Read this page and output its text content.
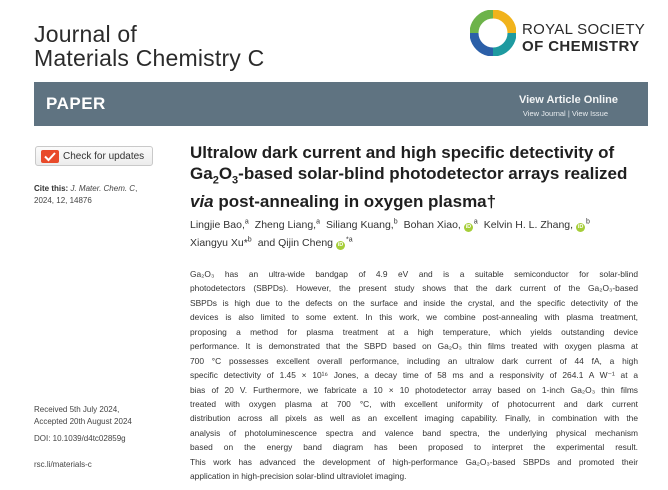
Journal of
Materials Chemistry C
ROYAL SOCIETY
OF CHEMISTRY
PAPER	View Article Online
View Journal | View Issue
Check for updates
Cite this: J. Mater. Chem. C, 2024, 12, 14876
Ultralow dark current and high specific detectivity of $Ga_2O_3$-based solar-blind photodetector arrays realized via post-annealing in oxygen plasma†
Lingjie Bao,$^a$ Zheng Liang,$^a$ Siliang Kuang,$^b$ Bohan Xiao, $iD^a$ Kelvin H. L. Zhang, $iD^b$
Xiangyu Xu*$^b$ and Qijin Cheng $iD^{*a}$
Ga₂O₃ has an ultra-wide bandgap of 4.9 eV and is a suitable semiconductor for solar-blind
photodetectors (SBPDs). However, the present study shows that the dark current of the Ga₂O₃-based
SBPDs is high due to the defects on the surface and inside the crystal, and the specific detectivity of the
devices is also limited to some extent. In this work, we combine post-annealing with plasma treatment,
proposing a method for plasma treatment at a high temperature, which yields outstanding device
performance. It is demonstrated that the SBPD based on Ga₂O₃ thin films treated with oxygen plasma at
700 °C possesses excellent overall performance, including an ultralow dark current of 44 fA, a high
specific detectivity of 1.45 × 10¹⁶ Jones, a decay time of 58 ms and a responsivity of 264.1 A W⁻¹ at a
bias of 20 V. Furthermore, we fabricate a 10 × 10 photodetector array based on 1-inch Ga₂O₃ thin films
treated with oxygen plasma at 700 °C, with excellent uniformity of photocurrent and dark current
distribution across all pixels as well as an excellent imaging capability. Finally, in combination with the
analysis of photoluminescence spectra and valence band spectra, the underlying physical mechanism
based on the energy band diagram has been proposed to interpret the experimental result.
This work has advanced the development of high-performance Ga₂O₃-based SBPDs and promoted their
application in high-precision solar-blind ultraviolet imaging.
Received 5th July 2024,
Accepted 20th August 2024
DOI: 10.1039/d4tc02859g
rsc.li/materials-c
